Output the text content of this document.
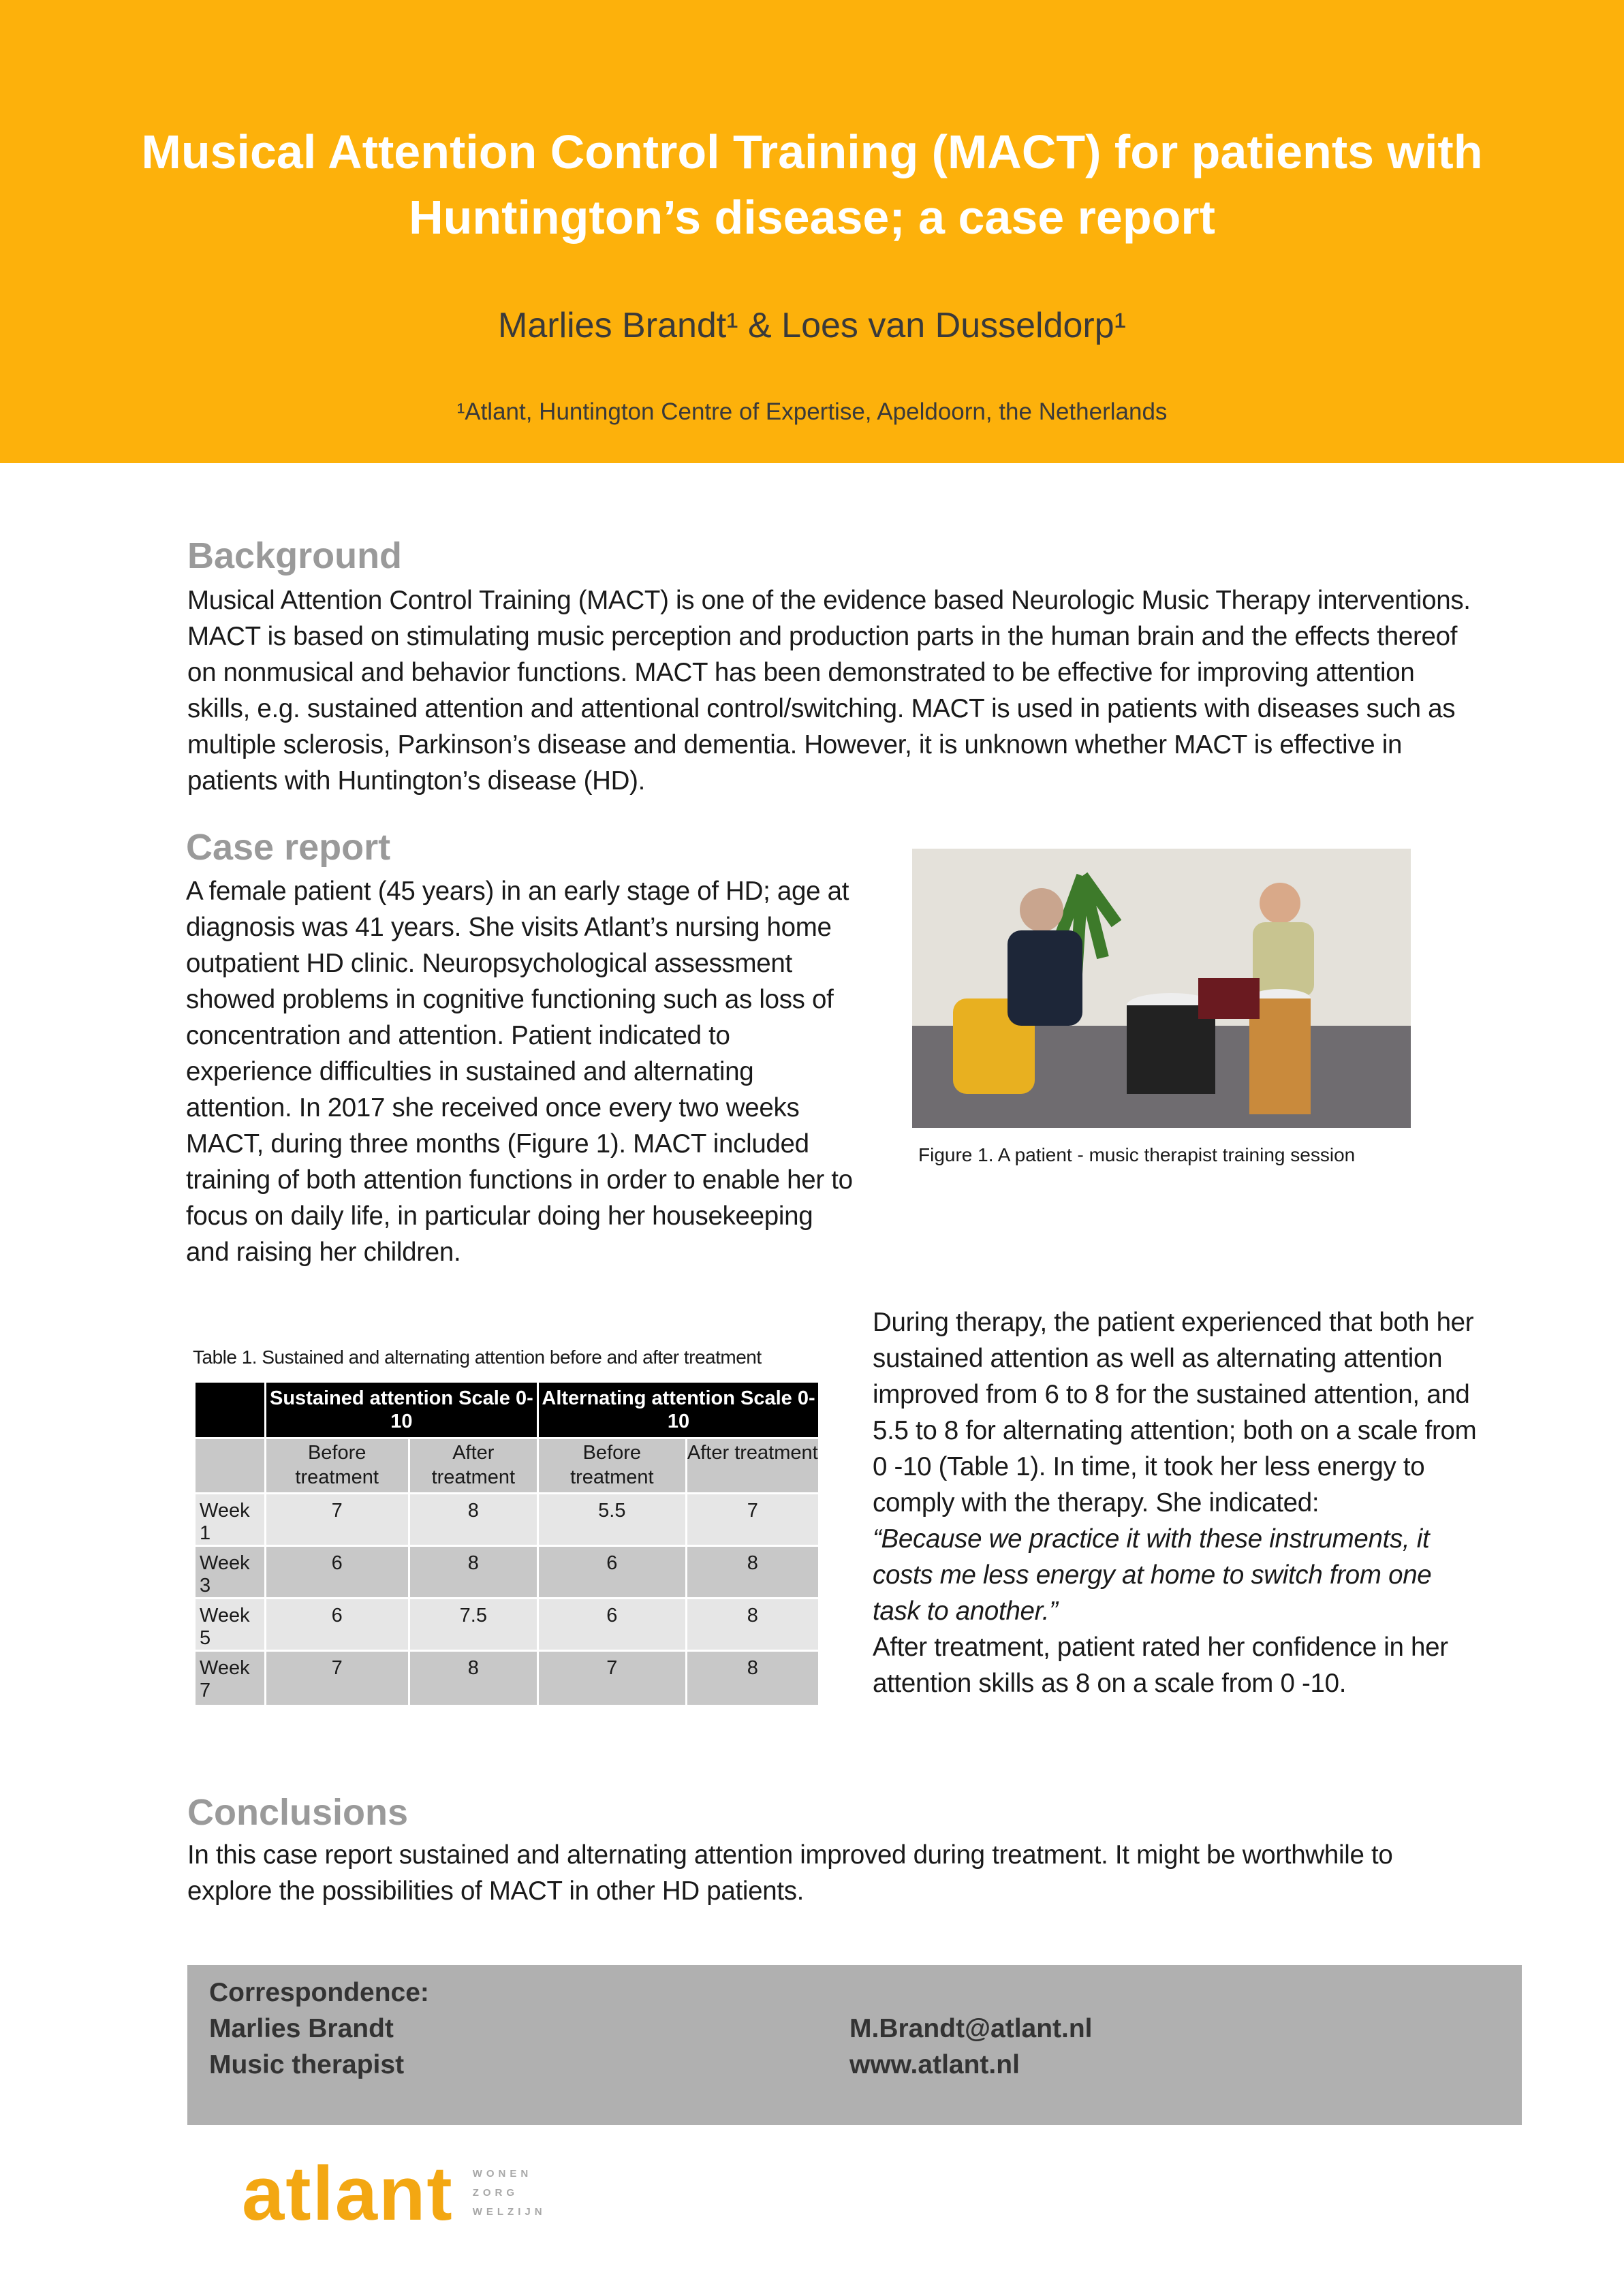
Musical Attention Control Training (MACT) for patients with Huntington’s disease; a case report
Marlies Brandt¹ & Loes van Dusseldorp¹
¹Atlant, Huntington Centre of Expertise, Apeldoorn, the Netherlands
Background
Musical Attention Control Training (MACT) is one of the evidence based Neurologic Music Therapy interventions. MACT is based on stimulating music perception and production parts in the human brain and the effects thereof on nonmusical and behavior functions. MACT has been demonstrated to be effective for improving attention skills, e.g. sustained attention and attentional control/switching. MACT is used in patients with diseases such as multiple sclerosis, Parkinson’s disease and dementia. However, it is unknown whether MACT is effective in patients with Huntington’s disease (HD).
Case report
A female patient (45 years) in an early stage of HD; age at diagnosis was 41 years. She visits Atlant’s nursing home outpatient HD clinic. Neuropsychological assessment showed problems in cognitive functioning such as loss of concentration and attention. Patient indicated to experience difficulties in sustained and alternating attention. In 2017 she received once every two weeks MACT, during three months (Figure 1). MACT included training of both attention functions in order to enable her to focus on daily life, in particular doing her housekeeping and raising her children.
Figure 1. A patient - music therapist training session
Table 1. Sustained and alternating attention before and after treatment
	Sustained attention Scale 0-10		Alternating attention Scale 0-10	
	Before treatment	After treatment	Before treatment	After treatment
Week 1	7	8	5.5	7
Week 3	6	8	6	8
Week 5	6	7.5	6	8
Week 7	7	8	7	8
During therapy, the patient experienced that both her sustained attention as well as alternating attention improved from 6 to 8 for the sustained attention, and 5.5 to 8 for alternating attention; both on a scale from 0 -10 (Table 1). In time, it took her less energy to comply with the therapy. She indicated:
“Because we practice it with these instruments, it costs me less energy at home to switch from one task to another.”
After treatment, patient rated her confidence in her attention skills as 8 on a scale from 0 -10.
Conclusions
In this case report sustained and alternating attention improved during treatment. It might be worthwhile to explore the possibilities of MACT in other HD patients.
Correspondence:
Marlies Brandt
Music therapist
M.Brandt@atlant.nl
www.atlant.nl
atlant WONEN
ZORG
WELZIJN
